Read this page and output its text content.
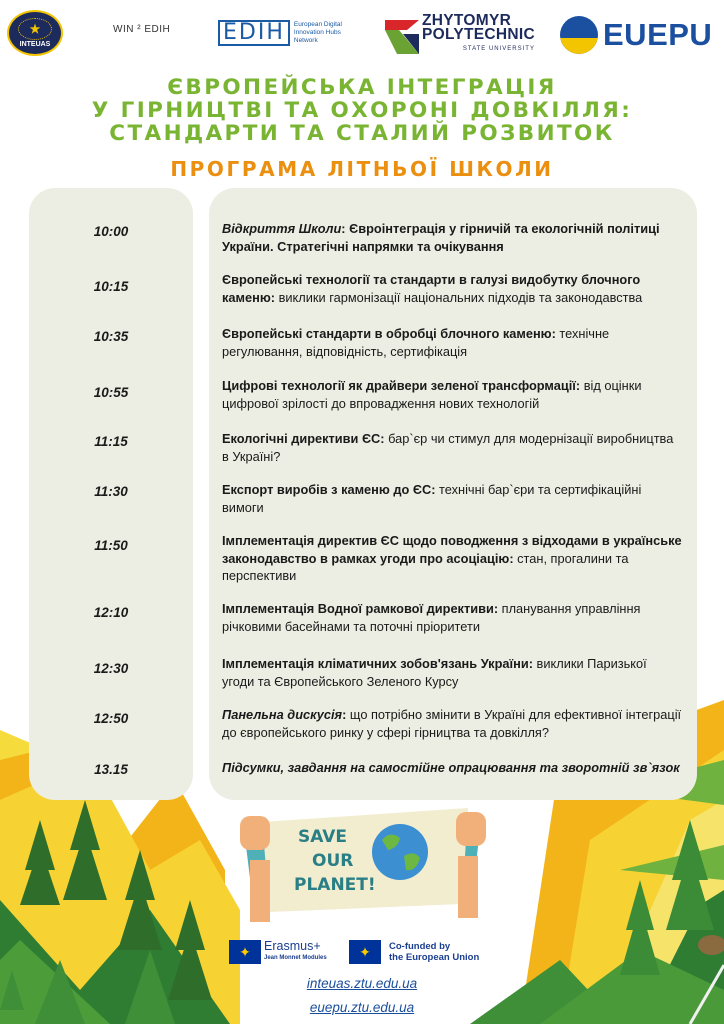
★
INTEUAS
WIN ² EDIH EDIH	European Digital Innovation Hubs Network
ZHYTOMYR
POLYTECHNIC
STATE UNIVERSITY EUEPU
ЄВРОПЕЙСЬКА ІНТЕГРАЦІЯ
У ГІРНИЦТВІ ТА ОХОРОНІ ДОВКІЛЛЯ:
СТАНДАРТИ ТА СТАЛИЙ РОЗВИТОК
ПРОГРАМА ЛІТНЬОЇ ШКОЛИ
10:00	Відкриття Школи: Євроінтеграція у гірничій та екологічній політиці України. Стратегічні напрямки та очікування
10:15	Європейські технології та стандарти в галузі видобутку блочного каменю: виклики гармонізації національних підходів та законодавства
10:35	Європейські стандарти в обробці блочного каменю: технічне регулювання, відповідність, сертифікація
10:55	Цифрові технології як драйвери зеленої трансформації: від оцінки цифрової зрілості до впровадження нових технологій
11:15	Екологічні директиви ЄС: бар`єр чи стимул для модернізації виробництва в Україні?
11:30	Експорт виробів з каменю до ЄС: технічні бар`єри та сертифікаційні вимоги
11:50	Імплементація директив ЄС щодо поводження з відходами в українське законодавство в рамках угоди про асоціацію: стан, прогалини та перспективи
12:10	Імплементація Водної рамкової директиви: планування управління річковими басейнами та поточні пріоритети
12:30	Імплементація кліматичних зобов'язань України: виклики Паризької угоди та Європейського Зеленого Курсу
12:50	Панельна дискусія: що потрібно змінити в Україні для ефективної інтеграції до європейського ринку у сфері гірництва та довкілля?
13.15	Підсумки, завдання на самостійне опрацювання та зворотній зв`язок
SAVE
OUR
PLANET!
✦ Erasmus+
Jean Monnet Modules ✦ Co-funded by
the European Union
inteuas.ztu.edu.ua
euepu.ztu.edu.ua
